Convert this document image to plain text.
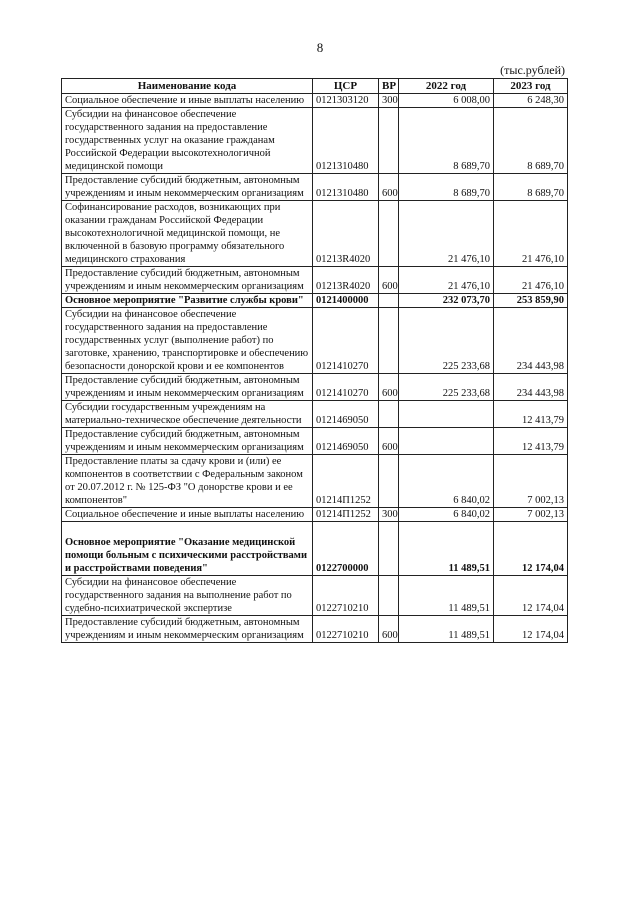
8
(тыс.рублей)
Наименование кода	ЦСР	ВР	2022 год	2023 год
Социальное обеспечение и иные выплаты населению	0121303120	300	6 008,00	6 248,30
Субсидии на финансовое обеспечение государственного задания на предоставление государственных услуг на оказание гражданам Российской Федерации высокотехнологичной медицинской помощи	0121310480		8 689,70	8 689,70
Предоставление субсидий бюджетным, автономным учреждениям и иным некоммерческим организациям	0121310480	600	8 689,70	8 689,70
Софинансирование расходов, возникающих при оказании гражданам Российской Федерации высокотехнологичной медицинской помощи, не включенной в базовую программу обязательного медицинского страхования	01213R4020		21 476,10	21 476,10
Предоставление субсидий бюджетным, автономным учреждениям и иным некоммерческим организациям	01213R4020	600	21 476,10	21 476,10
Основное мероприятие "Развитие службы крови"	0121400000		232 073,70	253 859,90
Субсидии на финансовое обеспечение государственного задания на предоставление государственных услуг (выполнение работ) по заготовке, хранению, транспортировке и обеспечению безопасности донорской крови и ее компонентов	0121410270		225 233,68	234 443,98
Предоставление субсидий бюджетным, автономным учреждениям и иным некоммерческим организациям	0121410270	600	225 233,68	234 443,98
Субсидии государственным учреждениям на материально-техническое обеспечение деятельности	0121469050			12 413,79
Предоставление субсидий бюджетным, автономным учреждениям и иным некоммерческим организациям	0121469050	600		12 413,79
Предоставление платы за сдачу крови и (или) ее компонентов в соответствии с Федеральным законом от 20.07.2012 г. № 125-ФЗ "О донорстве крови и ее компонентов"	01214П1252		6 840,02	7 002,13
Социальное обеспечение и иные выплаты населению	01214П1252	300	6 840,02	7 002,13
Основное мероприятие "Оказание медицинской помощи больным с психическими расстройствами и расстройствами поведения"	0122700000		11 489,51	12 174,04
Субсидии на финансовое обеспечение государственного задания на выполнение работ по судебно-психиатрической экспертизе	0122710210		11 489,51	12 174,04
Предоставление субсидий бюджетным, автономным учреждениям и иным некоммерческим организациям	0122710210	600	11 489,51	12 174,04
